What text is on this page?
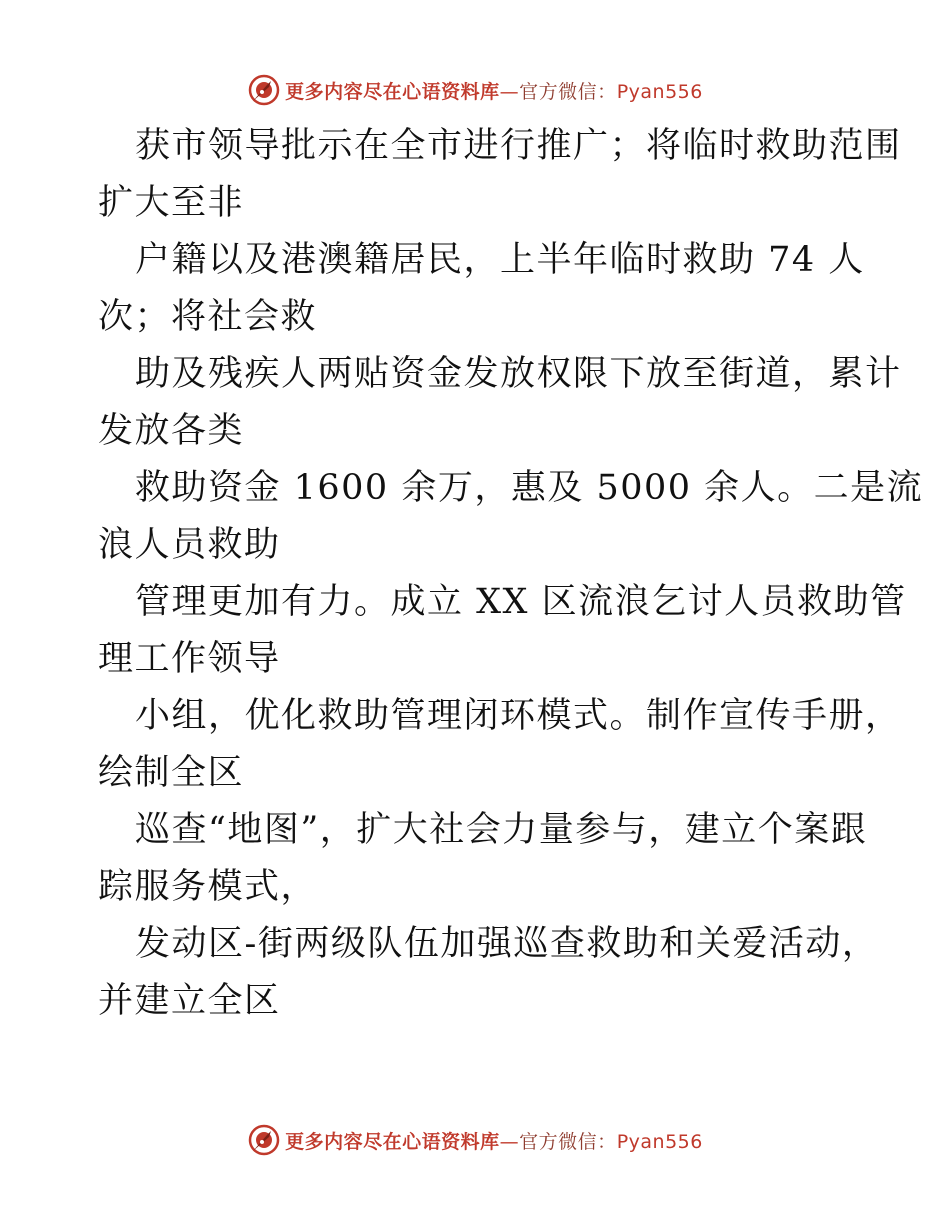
更多内容尽在心语资料库—官方微信：Pyan556

获市领导批示在全市进行推广；将临时救助范围
扩大至非

户籍以及港澳籍居民，上半年临时救助 74 人
次；将社会救

助及残疾人两贴资金发放权限下放至街道，累计
发放各类

救助资金 1600 余万，惠及 5000 余人。二是流
浪人员救助

管理更加有力。成立 XX 区流浪乞讨人员救助管
理工作领导

小组，优化救助管理闭环模式。制作宣传手册，
绘制全区

巡查“地图”，扩大社会力量参与，建立个案跟
踪服务模式，

发动区-街两级队伍加强巡查救助和关爱活动，
并建立全区

更多内容尽在心语资料库—官方微信：Pyan556
